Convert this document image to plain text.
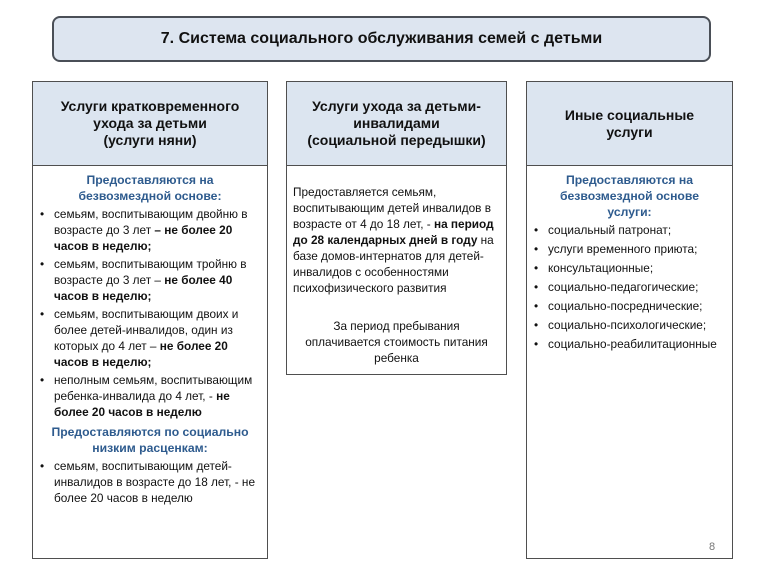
7. Система социального обслуживания семей с детьми
Услуги кратковременного
ухода за детьми
(услуги няни)
Предоставляются на
безвозмездной основе:
• семьям, воспитывающим двойню в возрасте до 3 лет – не более 20 часов в неделю;
• семьям, воспитывающим тройню в возрасте до 3 лет – не более 40 часов в неделю;
• семьям, воспитывающим двоих и более детей-инвалидов, один из которых до 4 лет – не более 20 часов в неделю;
• неполным семьям, воспитывающим ребенка-инвалида до 4 лет, - не более 20 часов в неделю
Предоставляются по социально
низким расценкам:
• семьям, воспитывающим детей-инвалидов в возрасте до 18 лет, - не более 20 часов в неделю
Услуги ухода за детьми-
инвалидами
(социальной передышки)

Предоставляется семьям, воспитывающим детей инвалидов в возрасте от 4 до 18 лет, - на период до 28 календарных дней в году на базе домов-интернатов для детей-инвалидов с особенностями психофизического развития

За период пребывания оплачивается стоимость питания ребенка

Иные социальные
услуги
Предоставляются на
безвозмездной основе
услуги:
• социальный патронат;
• услуги временного приюта;
• консультационные;
• социально-педагогические;
• социально-посреднические;
• социально-психологические;
• социально-реабилитационные
8
